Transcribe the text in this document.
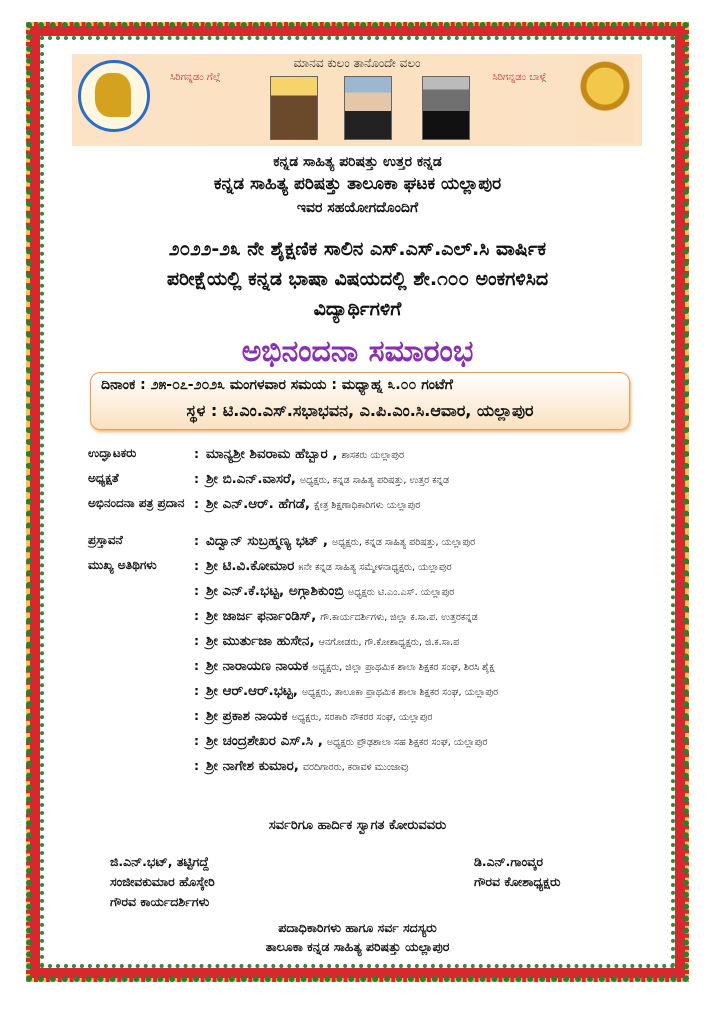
ಮಾನವ ಕುಲಂ ತಾನೊಂದೇ ವಲಂ
ಸಿರಿಗನ್ನಡಂ ಗೆಲ್ಗೆ	ಸಿರಿಗನ್ನಡಂ ಬಾಳ್ಗೆ
ಕನ್ನಡ ಸಾಹಿತ್ಯ ಪರಿಷತ್ತು ಉತ್ತರ ಕನ್ನಡ
ಕನ್ನಡ ಸಾಹಿತ್ಯ ಪರಿಷತ್ತು ತಾಲೂಕಾ ಘಟಕ ಯಲ್ಲಾಪುರ
ಇವರ ಸಹಯೋಗದೊಂದಿಗೆ
೨೦೨೨-೨೩ ನೇ ಶೈಕ್ಷಣಿಕ ಸಾಲಿನ ಎಸ್.ಎಸ್.ಎಲ್.ಸಿ ವಾರ್ಷಿಕ
ಪರೀಕ್ಷೆಯಲ್ಲಿ ಕನ್ನಡ ಭಾಷಾ ವಿಷಯದಲ್ಲಿ ಶೇ.೧೦೦ ಅಂಕಗಳಿಸಿದ
ವಿದ್ಯಾರ್ಥಿಗಳಿಗೆ
ಅಭಿನಂದನಾ ಸಮಾರಂಭ
ದಿನಾಂಕ : ೨೫-೦೭-೨೦೨೩ ಮಂಗಳವಾರ ಸಮಯ : ಮಧ್ಯಾಹ್ನ ೩.೦೦ ಗಂಟೆಗೆ
ಸ್ಥಳ : ಟಿ.ಎಂ.ಎಸ್.ಸಭಾಭವನ, ಎ.ಪಿ.ಎಂ.ಸಿ.ಆವಾರ, ಯಲ್ಲಾಪುರ
ಉದ್ಘಾಟಕರು	: ಮಾನ್ಯಶ್ರೀ ಶಿವರಾಮ ಹೆಬ್ಬಾರ , ಶಾಸಕರು ಯಲ್ಲಾಪುರ
ಅಧ್ಯಕ್ಷತೆ	: ಶ್ರೀ ಬಿ.ಎನ್.ವಾಸರೆ, ಅಧ್ಯಕ್ಷರು, ಕನ್ನಡ ಸಾಹಿತ್ಯ ಪರಿಷತ್ತು, ಉತ್ತರ ಕನ್ನಡ
ಅಭಿನಂದನಾ ಪತ್ರ ಪ್ರದಾನ : ಶ್ರೀ ಎನ್.ಆರ್. ಹೆಗಡೆ, ಕ್ಷೇತ್ರ ಶಿಕ್ಷಣಾಧಿಕಾರಿಗಳು ಯಲ್ಲಾಪುರ
ಪ್ರಸ್ತಾವನೆ	: ವಿದ್ವಾನ್ ಸುಬ್ರಹ್ಮಣ್ಯ ಭಟ್ , ಅಧ್ಯಕ್ಷರು, ಕನ್ನಡ ಸಾಹಿತ್ಯ ಪರಿಷತ್ತು, ಯಲ್ಲಾಪುರ
ಮುಖ್ಯ ಅತಿಥಿಗಳು	: ಶ್ರೀ ಟಿ.ವಿ.ಕೋಮಾರ ೫ನೇ ಕನ್ನಡ ಸಾಹಿತ್ಯ ಸಮ್ಮೇಳನಾಧ್ಯಕ್ಷರು, ಯಲ್ಲಾಪುರ
: ಶ್ರೀ ಎನ್.ಕೆ.ಭಟ್ಟ, ಅಗ್ಗಾಶಿಕುಂಬ್ರಿ ಅಧ್ಯಕ್ಷರು ಟಿ.ಎಂ.ಎಸ್. ಯಲ್ಲಾಪುರ
: ಶ್ರೀ ಜಾರ್ಜ ಫರ್ನಾಂಡಿಸ್, ಗೌ.ಕಾರ್ಯದರ್ಶಿಗಳು, ಜಿಲ್ಲಾ ಕ.ಸಾ.ಪ. ಉತ್ತರಕನ್ನಡ
: ಶ್ರೀ ಮುರ್ತುಜಾ ಹುಸೇನ, ಆನಗೋಡರು, ಗೌ.ಕೋಶಾಧ್ಯಕ್ಷರು, ಜಿ.ಕ.ಸಾ.ಪ
: ಶ್ರೀ ನಾರಾಯಣ ನಾಯಕ ಅಧ್ಯಕ್ಷರು, ಜಿಲ್ಲಾ ಪ್ರಾಥಮಿಕ ಶಾಲಾ ಶಿಕ್ಷಕರ ಸಂಘ, ಶಿರಸಿ ಶೈಕ್ಷ
: ಶ್ರೀ ಆರ್.ಆರ್.ಭಟ್ಟ, ಅಧ್ಯಕ್ಷರು, ತಾಲೂಕಾ ಪ್ರಾಥಮಿಕ ಶಾಲಾ ಶಿಕ್ಷಕರ ಸಂಘ, ಯಲ್ಲಾಪುರ
: ಶ್ರೀ ಪ್ರಕಾಶ ನಾಯಕ ಅಧ್ಯಕ್ಷರು, ಸರಕಾರಿ ನೌಕರರ ಸಂಘ, ಯಲ್ಲಾಪುರ
: ಶ್ರೀ ಚಂದ್ರಶೇಖರ ಎಸ್.ಸಿ , ಅಧ್ಯಕ್ಷರು ಪ್ರೌಢಶಾಲಾ ಸಹ ಶಿಕ್ಷಕರ ಸಂಘ, ಯಲ್ಲಾಪುರ
: ಶ್ರೀ ನಾಗೇಶ ಕುಮಾರ, ವರದಿಗಾರರು, ಕರಾವಳಿ ಮುಂಜಾವು
ಸರ್ವರಿಗೂ ಹಾರ್ದಿಕ ಸ್ವಾಗತ ಕೋರುವವರು
ಜಿ.ಎನ್.ಭಟ್, ತಟ್ಟಿಗದ್ದೆ
ಸಂಜೀವಕುಮಾರ ಹೊಸ್ಕೇರಿ
ಗೌರವ ಕಾರ್ಯದರ್ಶಿಗಳು
ಡಿ.ಎನ್.ಗಾಂವ್ಕರ
ಗೌರವ ಕೋಶಾಧ್ಯಕ್ಷರು
ಪದಾಧಿಕಾರಿಗಳು ಹಾಗೂ ಸರ್ವ ಸದಸ್ಯರು
ತಾಲೂಕಾ ಕನ್ನಡ ಸಾಹಿತ್ಯ ಪರಿಷತ್ತು ಯಲ್ಲಾಪುರ
